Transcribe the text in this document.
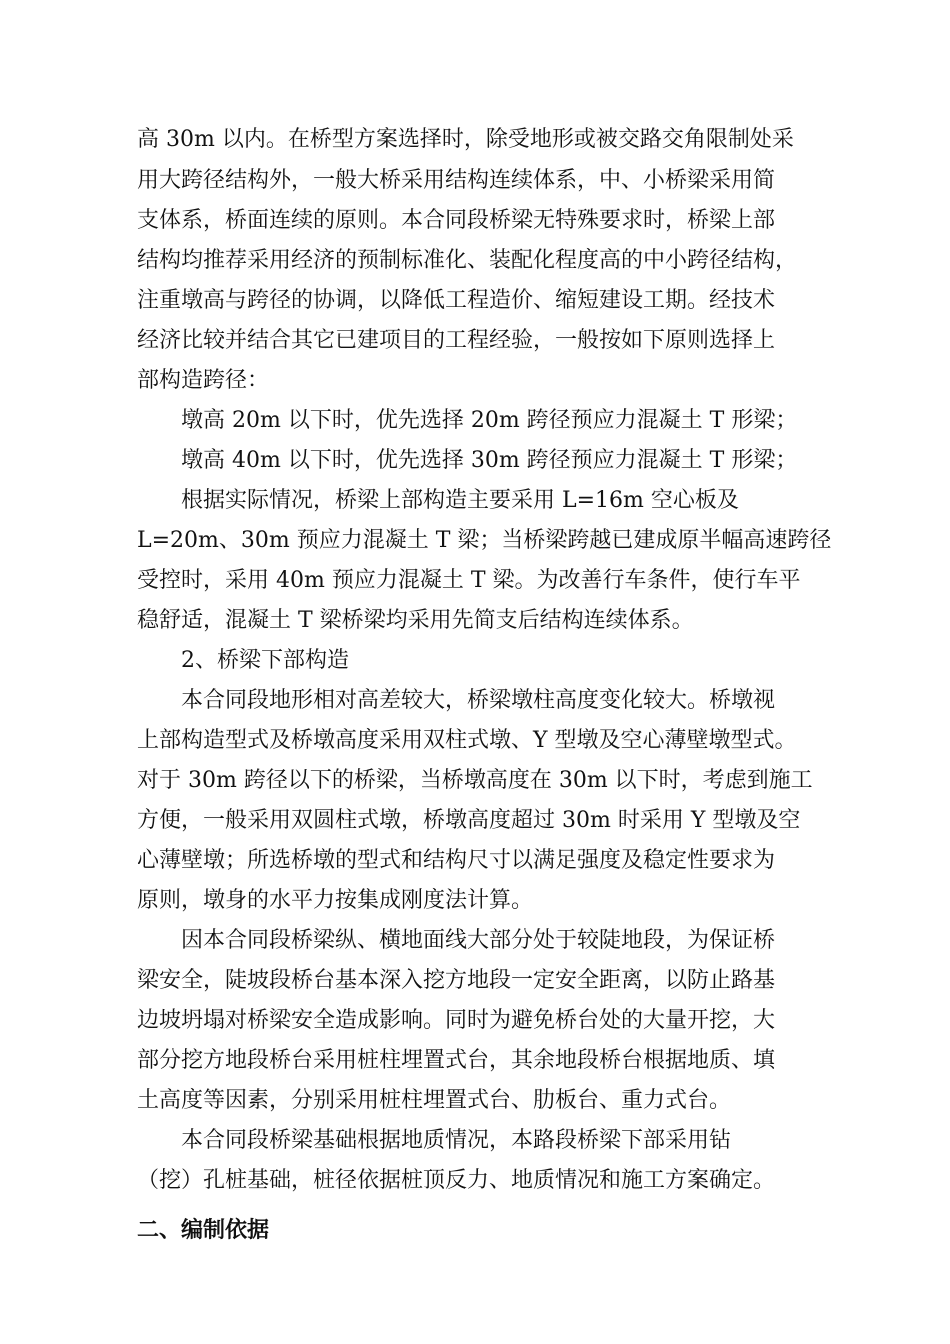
高 30m 以内。在桥型方案选择时，除受地形或被交路交角限制处采
用大跨径结构外，一般大桥采用结构连续体系，中、小桥梁采用简
支体系，桥面连续的原则。本合同段桥梁无特殊要求时，桥梁上部
结构均推荐采用经济的预制标准化、装配化程度高的中小跨径结构，
注重墩高与跨径的协调，以降低工程造价、缩短建设工期。经技术
经济比较并结合其它已建项目的工程经验，一般按如下原则选择上
部构造跨径：
墩高 20m 以下时，优先选择 20m 跨径预应力混凝土 T 形梁；
墩高 40m 以下时，优先选择 30m 跨径预应力混凝土 T 形梁；
根据实际情况，桥梁上部构造主要采用 L=16m 空心板及
L=20m、30m 预应力混凝土 T 梁；当桥梁跨越已建成原半幅高速跨径
受控时，采用 40m 预应力混凝土 T 梁。为改善行车条件，使行车平
稳舒适，混凝土 T 梁桥梁均采用先简支后结构连续体系。
2、桥梁下部构造
本合同段地形相对高差较大，桥梁墩柱高度变化较大。桥墩视
上部构造型式及桥墩高度采用双柱式墩、Y 型墩及空心薄壁墩型式。
对于 30m 跨径以下的桥梁，当桥墩高度在 30m 以下时，考虑到施工
方便，一般采用双圆柱式墩，桥墩高度超过 30m 时采用 Y 型墩及空
心薄壁墩；所选桥墩的型式和结构尺寸以满足强度及稳定性要求为
原则，墩身的水平力按集成刚度法计算。
因本合同段桥梁纵、横地面线大部分处于较陡地段，为保证桥
梁安全，陡坡段桥台基本深入挖方地段一定安全距离，以防止路基
边坡坍塌对桥梁安全造成影响。同时为避免桥台处的大量开挖，大
部分挖方地段桥台采用桩柱埋置式台，其余地段桥台根据地质、填
土高度等因素，分别采用桩柱埋置式台、肋板台、重力式台。
本合同段桥梁基础根据地质情况，本路段桥梁下部采用钻
（挖）孔桩基础，桩径依据桩顶反力、地质情况和施工方案确定。
二、编制依据
